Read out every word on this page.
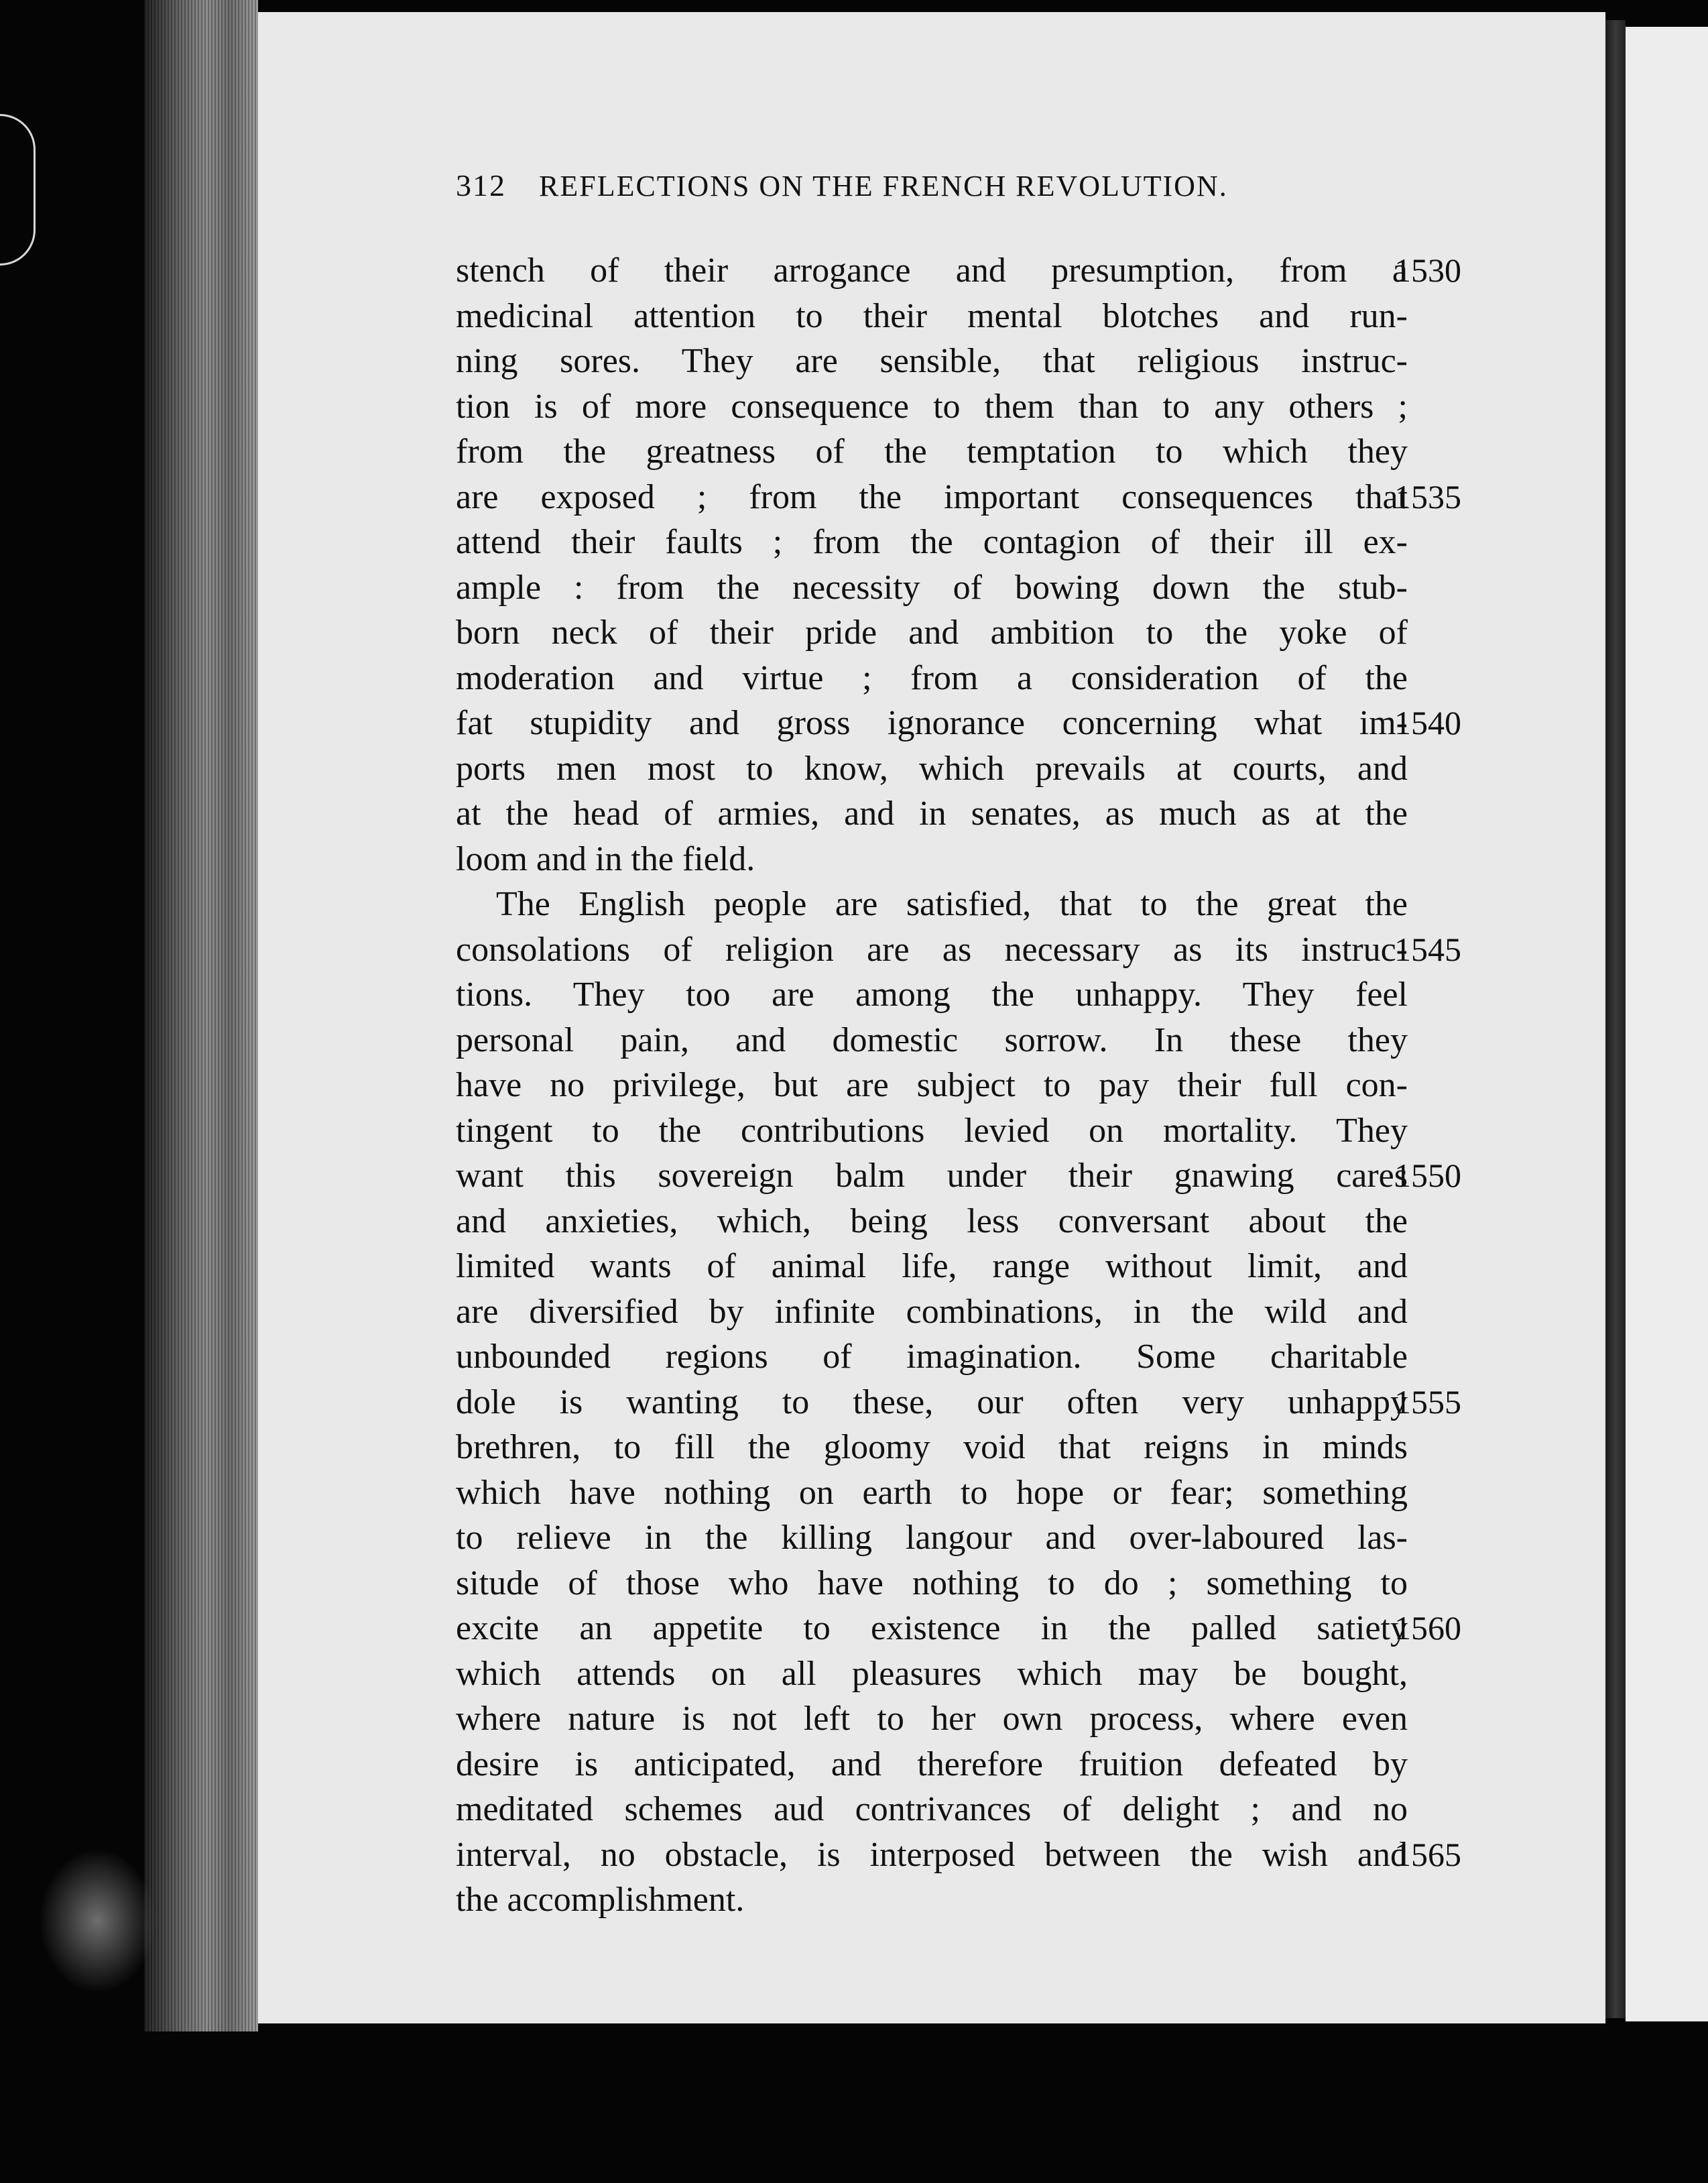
312 REFLECTIONS ON THE FRENCH REVOLUTION.
stench of their arrogance and presumption, from a
1530
medicinal attention to their mental blotches and run-
ning sores. They are sensible, that religious instruc-
tion is of more consequence to them than to any others ;
from the greatness of the temptation to which they
are exposed ; from the important consequences that
1535
attend their faults ; from the contagion of their ill ex-
ample : from the necessity of bowing down the stub-
born neck of their pride and ambition to the yoke of
moderation and virtue ; from a consideration of the
fat stupidity and gross ignorance concerning what im-
1540
ports men most to know, which prevails at courts, and
at the head of armies, and in senates, as much as at the
loom and in the field.
The English people are satisfied, that to the great the
consolations of religion are as necessary as its instruc-
1545
tions. They too are among the unhappy. They feel
personal pain, and domestic sorrow. In these they
have no privilege, but are subject to pay their full con-
tingent to the contributions levied on mortality. They
want this sovereign balm under their gnawing cares
1550
and anxieties, which, being less conversant about the
limited wants of animal life, range without limit, and
are diversified by infinite combinations, in the wild and
unbounded regions of imagination. Some charitable
dole is wanting to these, our often very unhappy
1555
brethren, to fill the gloomy void that reigns in minds
which have nothing on earth to hope or fear; something
to relieve in the killing langour and over-laboured las-
situde of those who have nothing to do ; something to
excite an appetite to existence in the palled satiety
1560
which attends on all pleasures which may be bought,
where nature is not left to her own process, where even
desire is anticipated, and therefore fruition defeated by
meditated schemes aud contrivances of delight ; and no
interval, no obstacle, is interposed between the wish and
1565
the accomplishment.
